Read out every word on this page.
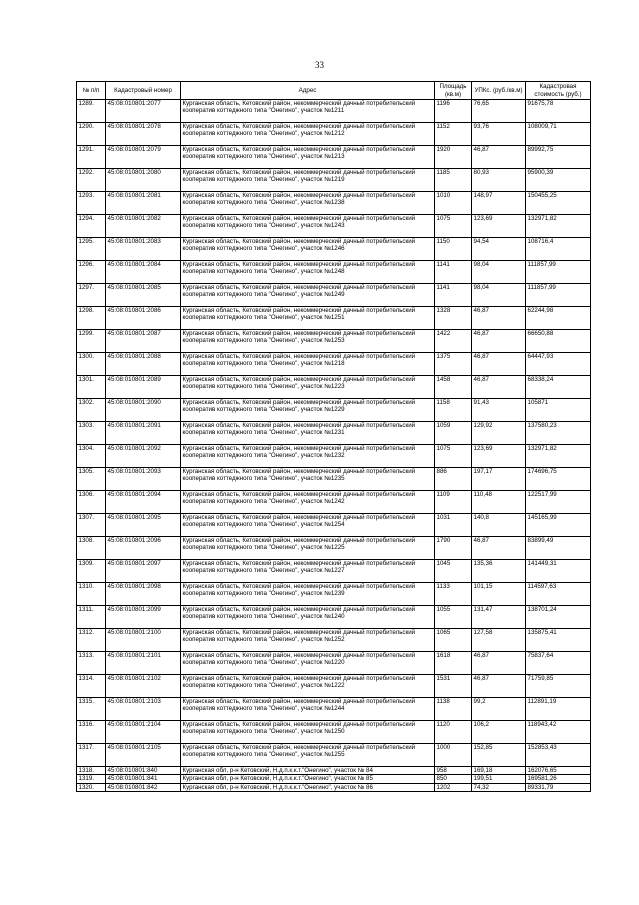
33
№ п/п	Кадастровый номер	Адрес	Площадь (кв.м)	УПКс. (руб./кв.м)	Кадастровая стоимость (руб.)
1289.	45:08:010801:2077	Курганская область, Кетовский район, некоммерческий дачный потребительский кооператив коттеджного типа "Онегино", участок №1211	1196	76,65	91675,78
1290.	45:08:010801:2078	Курганская область, Кетовский район, некоммерческий дачный потребительский кооператив коттеджного типа "Онегино", участок №1212	1152	93,76	108009,71
1291.	45:08:010801:2079	Курганская область, Кетовский район, некоммерческий дачный потребительский кооператив коттеджного типа "Онегино", участок №1213	1920	46,87	89992,75
1292.	45:08:010801:2080	Курганская область, Кетовский район, некоммерческий дачный потребительский кооператив коттеджного типа "Онегино", участок №1219	1185	80,93	95900,39
1293.	45:08:010801:2081	Курганская область, Кетовский район, некоммерческий дачный потребительский кооператив коттеджного типа "Онегино", участок №1238	1010	148,97	150455,25
1294.	45:08:010801:2082	Курганская область, Кетовский район, некоммерческий дачный потребительский кооператив коттеджного типа "Онегино", участок №1243	1075	123,69	132971,82
1295.	45:08:010801:2083	Курганская область, Кетовский район, некоммерческий дачный потребительский кооператив коттеджного типа "Онегино", участок №1246	1150	94,54	108716,4
1296.	45:08:010801:2084	Курганская область, Кетовский район, некоммерческий дачный потребительский кооператив коттеджного типа "Онегино", участок №1248	1141	98,04	111857,99
1297.	45:08:010801:2085	Курганская область, Кетовский район, некоммерческий дачный потребительский кооператив коттеджного типа "Онегино", участок №1249	1141	98,04	111857,99
1298.	45:08:010801:2086	Курганская область, Кетовский район, некоммерческий дачный потребительский кооператив коттеджного типа "Онегино", участок №1251	1328	46,87	62244,98
1299.	45:08:010801:2087	Курганская область, Кетовский район, некоммерческий дачный потребительский кооператив коттеджного типа "Онегино", участок №1253	1422	46,87	66650,88
1300.	45:08:010801:2088	Курганская область, Кетовский район, некоммерческий дачный потребительский кооператив коттеджного типа "Онегино", участок №1218	1375	46,87	64447,93
1301.	45:08:010801:2089	Курганская область, Кетовский район, некоммерческий дачный потребительский кооператив коттеджного типа "Онегино", участок №1223	1458	46,87	68338,24
1302.	45:08:010801:2090	Курганская область, Кетовский район, некоммерческий дачный потребительский кооператив коттеджного типа "Онегино", участок №1229	1158	91,43	105871
1303.	45:08:010801:2091	Курганская область, Кетовский район, некоммерческий дачный потребительский кооператив коттеджного типа "Онегино", участок №1231	1059	129,92	137580,23
1304.	45:08:010801:2092	Курганская область, Кетовский район, некоммерческий дачный потребительский кооператив коттеджного типа "Онегино", участок №1232	1075	123,69	132971,82
1305.	45:08:010801:2093	Курганская область, Кетовский район, некоммерческий дачный потребительский кооператив коттеджного типа "Онегино", участок №1235	886	197,17	174696,75
1306.	45:08:010801:2094	Курганская область, Кетовский район, некоммерческий дачный потребительский кооператив коттеджного типа "Онегино", участок №1242	1109	110,48	122517,99
1307.	45:08:010801:2095	Курганская область, Кетовский район, некоммерческий дачный потребительский кооператив коттеджного типа "Онегино", участок №1254	1031	140,8	145165,99
1308.	45:08:010801:2096	Курганская область, Кетовский район, некоммерческий дачный потребительский кооператив коттеджного типа "Онегино", участок №1225	1790	46,87	83899,49
1309.	45:08:010801:2097	Курганская область, Кетовский район, некоммерческий дачный потребительский кооператив коттеджного типа "Онегино", участок №1227	1045	135,36	141449,31
1310.	45:08:010801:2098	Курганская область, Кетовский район, некоммерческий дачный потребительский кооператив коттеджного типа "Онегино", участок №1239	1133	101,15	114597,63
1311.	45:08:010801:2099	Курганская область, Кетовский район, некоммерческий дачный потребительский кооператив коттеджного типа "Онегино", участок №1240	1055	131,47	138701,24
1312.	45:08:010801:2100	Курганская область, Кетовский район, некоммерческий дачный потребительский кооператив коттеджного типа "Онегино", участок №1252	1065	127,58	135875,41
1313.	45:08:010801:2101	Курганская область, Кетовский район, некоммерческий дачный потребительский кооператив коттеджного типа "Онегино", участок №1220	1618	46,87	75837,64
1314.	45:08:010801:2102	Курганская область, Кетовский район, некоммерческий дачный потребительский кооператив коттеджного типа "Онегино", участок №1222	1531	46,87	71759,85
1315.	45:08:010801:2103	Курганская область, Кетовский район, некоммерческий дачный потребительский кооператив коттеджного типа "Онегино", участок №1244	1138	99,2	112891,19
1316.	45:08:010801:2104	Курганская область, Кетовский район, некоммерческий дачный потребительский кооператив коттеджного типа "Онегино", участок №1250	1120	106,2	118943,42
1317.	45:08:010801:2105	Курганская область, Кетовский район, некоммерческий дачный потребительский кооператив коттеджного типа "Онегино", участок №1255	1000	152,85	152853,43
1318.	45:08:010801:840	Курганская обл, р-н Кетовский, Н.д.п.к.к.т."Онегино", участок № 84	958	169,18	162076,65
1319.	45:08:010801:841	Курганская обл, р-н Кетовский, Н.д.п.к.к.т."Онегино", участок № 85	850	199,51	169581,26
1320.	45:08:010801:842	Курганская обл, р-н Кетовский, Н.д.п.к.к.т."Онегино", участок № 86	1202	74,32	89331,79
